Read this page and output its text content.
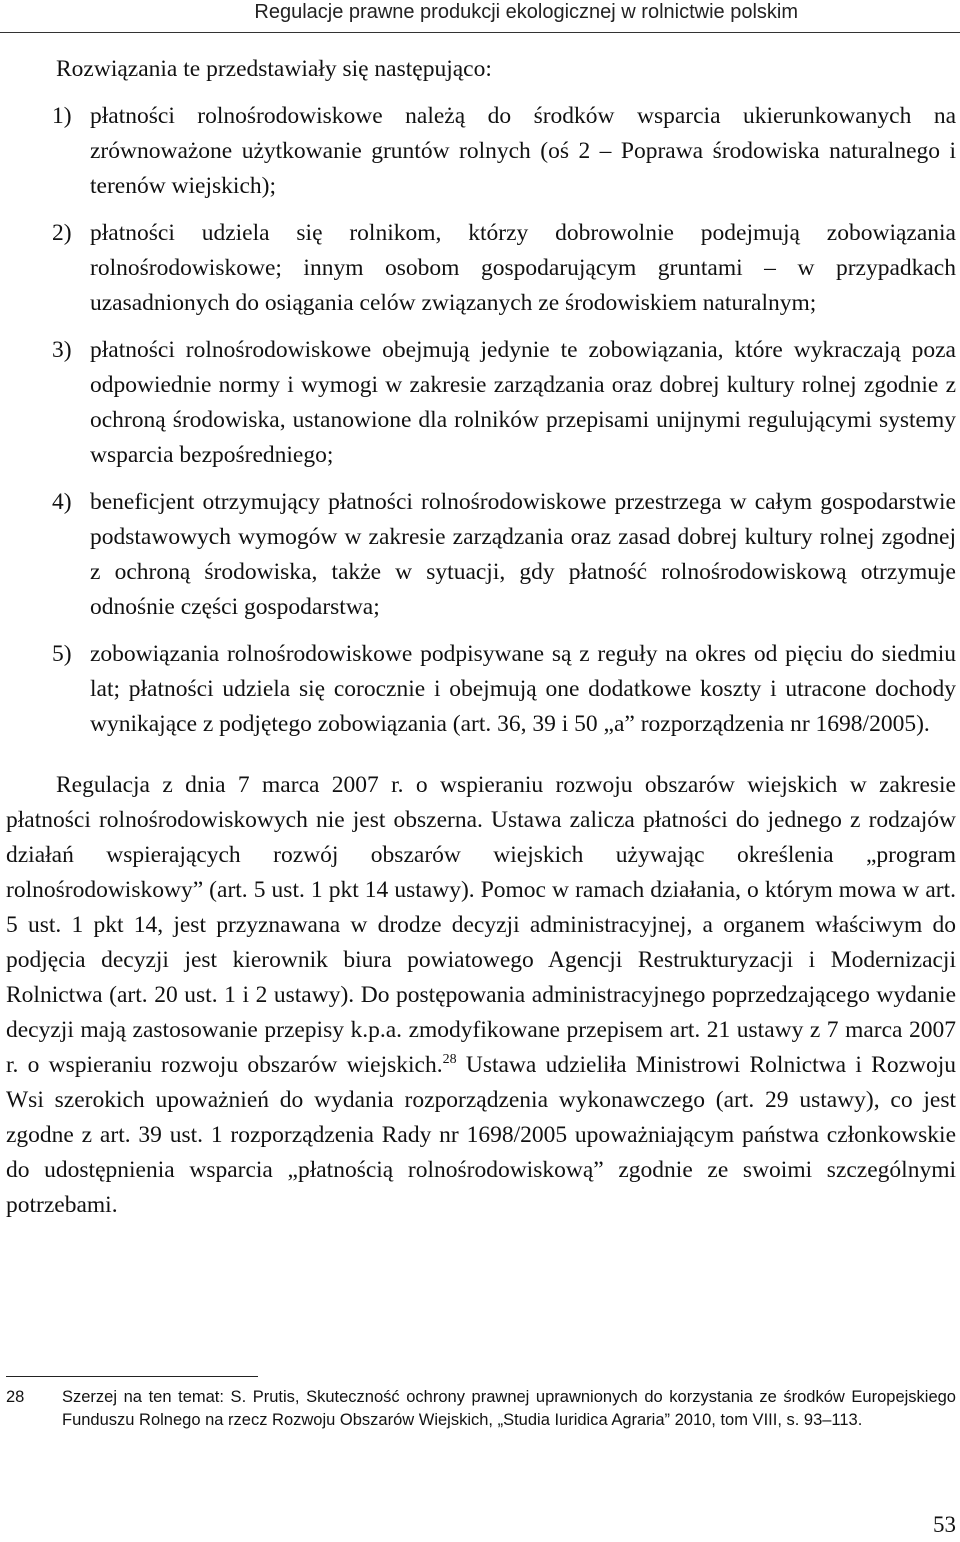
Regulacje prawne produkcji ekologicznej w rolnictwie polskim

Rozwiązania te przedstawiały się następująco:

1) płatności rolnośrodowiskowe należą do środków wsparcia ukierunkowanych na zrównoważone użytkowanie gruntów rolnych (oś 2 – Poprawa środowiska naturalnego i terenów wiejskich);
2) płatności udziela się rolnikom, którzy dobrowolnie podejmują zobowiązania rolnośrodowiskowe; innym osobom gospodarującym gruntami – w przypadkach uzasadnionych do osiągania celów związanych ze środowiskiem naturalnym;
3) płatności rolnośrodowiskowe obejmują jedynie te zobowiązania, które wykraczają poza odpowiednie normy i wymogi w zakresie zarządzania oraz dobrej kultury rolnej zgodnie z ochroną środowiska, ustanowione dla rolników przepisami unijnymi regulującymi systemy wsparcia bezpośredniego;
4) beneficjent otrzymujący płatności rolnośrodowiskowe przestrzega w całym gospodarstwie podstawowych wymogów w zakresie zarządzania oraz zasad dobrej kultury rolnej zgodnej z ochroną środowiska, także w sytuacji, gdy płatność rolnośrodowiskową otrzymuje odnośnie części gospodarstwa;
5) zobowiązania rolnośrodowiskowe podpisywane są z reguły na okres od pięciu do siedmiu lat; płatności udziela się corocznie i obejmują one dodatkowe koszty i utracone dochody wynikające z podjętego zobowiązania (art. 36, 39 i 50 „a” rozporządzenia nr 1698/2005).

Regulacja z dnia 7 marca 2007 r. o wspieraniu rozwoju obszarów wiejskich w zakresie płatności rolnośrodowiskowych nie jest obszerna. Ustawa zalicza płatności do jednego z rodzajów działań wspierających rozwój obszarów wiejskich używając określenia „program rolnośrodowiskowy” (art. 5 ust. 1 pkt 14 ustawy). Pomoc w ramach działania, o którym mowa w art. 5 ust. 1 pkt 14, jest przyznawana w drodze decyzji administracyjnej, a organem właściwym do podjęcia decyzji jest kierownik biura powiatowego Agencji Restrukturyzacji i Modernizacji Rolnictwa (art. 20 ust. 1 i 2 ustawy). Do postępowania administracyjnego poprzedzającego wydanie decyzji mają zastosowanie przepisy k.p.a. zmodyfikowane przepisem art. 21 ustawy z 7 marca 2007 r. o wspieraniu rozwoju obszarów wiejskich.$^{28}$ Ustawa udzieliła Ministrowi Rolnictwa i Rozwoju Wsi szerokich upoważnień do wydania rozporządzenia wykonawczego (art. 29 ustawy), co jest zgodne z art. 39 ust. 1 rozporządzenia Rady nr 1698/2005 upoważniającym państwa członkowskie do udostępnienia wsparcia „płatnością rolnośrodowiskową” zgodnie ze swoimi szczególnymi potrzebami.

28 Szerzej na ten temat: S. Prutis, Skuteczność ochrony prawnej uprawnionych do korzystania ze środków Europejskiego Funduszu Rolnego na rzecz Rozwoju Obszarów Wiejskich, „Studia Iuridica Agraria” 2010, tom VIII, s. 93–113.
53
